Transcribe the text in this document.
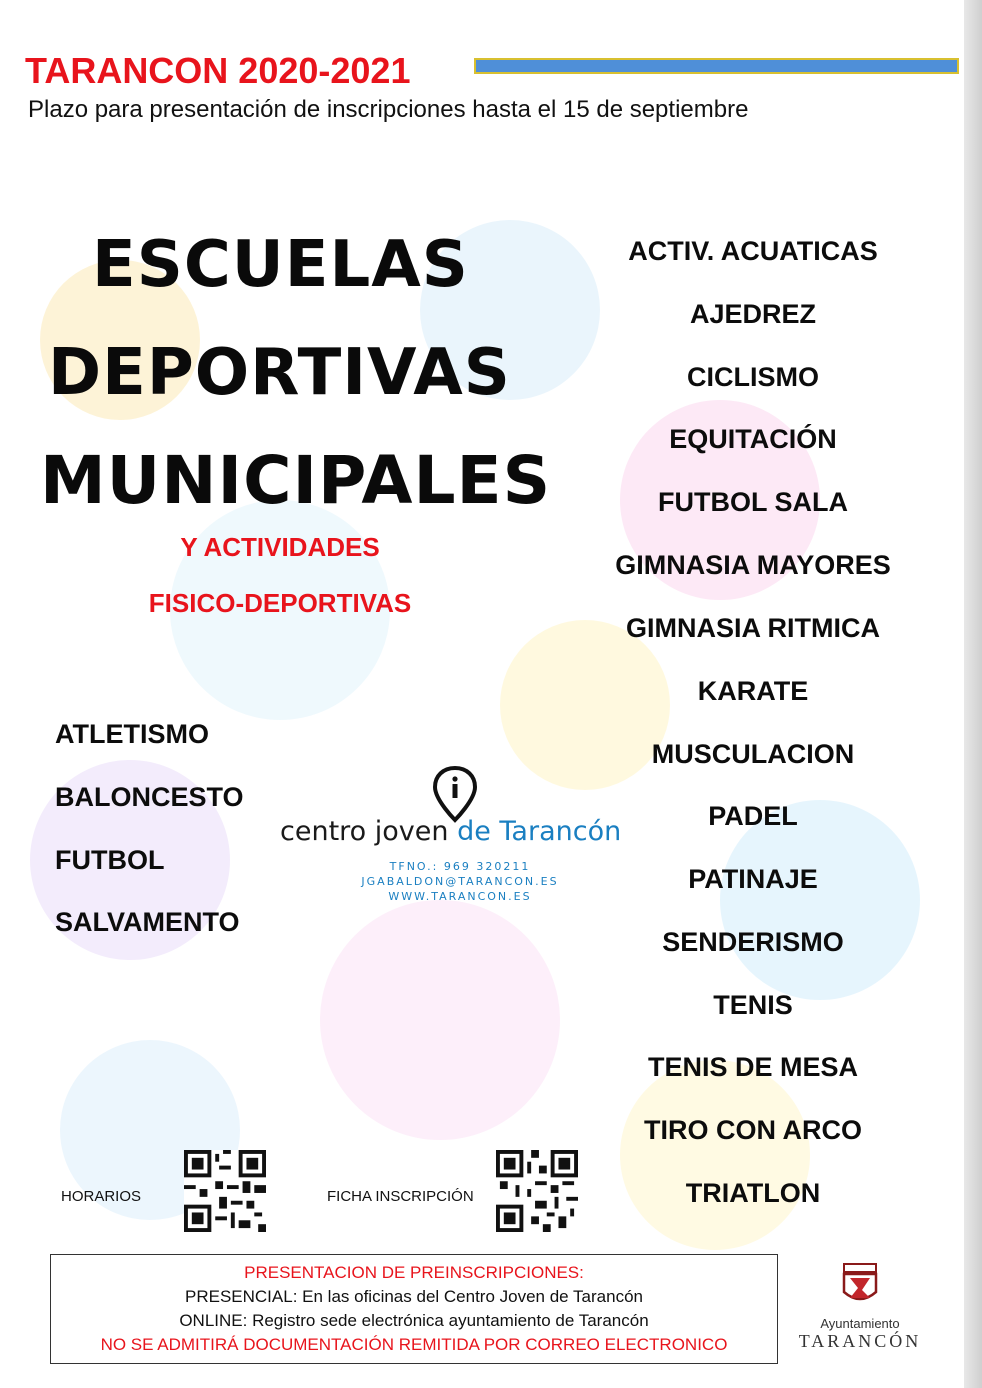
TARANCON 2020-2021
Plazo para presentación de inscripciones hasta el 15 de septiembre
ESCUELAS
DEPORTIVAS
MUNICIPALES
Y ACTIVIDADES
FISICO-DEPORTIVAS
ACTIV. ACUATICAS
AJEDREZ
CICLISMO
EQUITACIÓN
FUTBOL SALA
GIMNASIA MAYORES
GIMNASIA RITMICA
KARATE
MUSCULACION
PADEL
PATINAJE
SENDERISMO
TENIS
TENIS DE MESA
TIRO CON ARCO
TRIATLON
ATLETISMO
BALONCESTO
FUTBOL
SALVAMENTO
centro joven de Tarancón
TFNO.: 969 320211
JGABALDON@TARANCON.ES
WWW.TARANCON.ES
HORARIOS	FICHA INSCRIPCIÓN
PRESENTACION DE PREINSCRIPCIONES:
PRESENCIAL: En las oficinas del Centro Joven de Tarancón
ONLINE: Registro sede electrónica ayuntamiento de Tarancón
NO SE ADMITIRÁ DOCUMENTACIÓN REMITIDA POR CORREO ELECTRONICO
Ayuntamiento
TARANCÓN
